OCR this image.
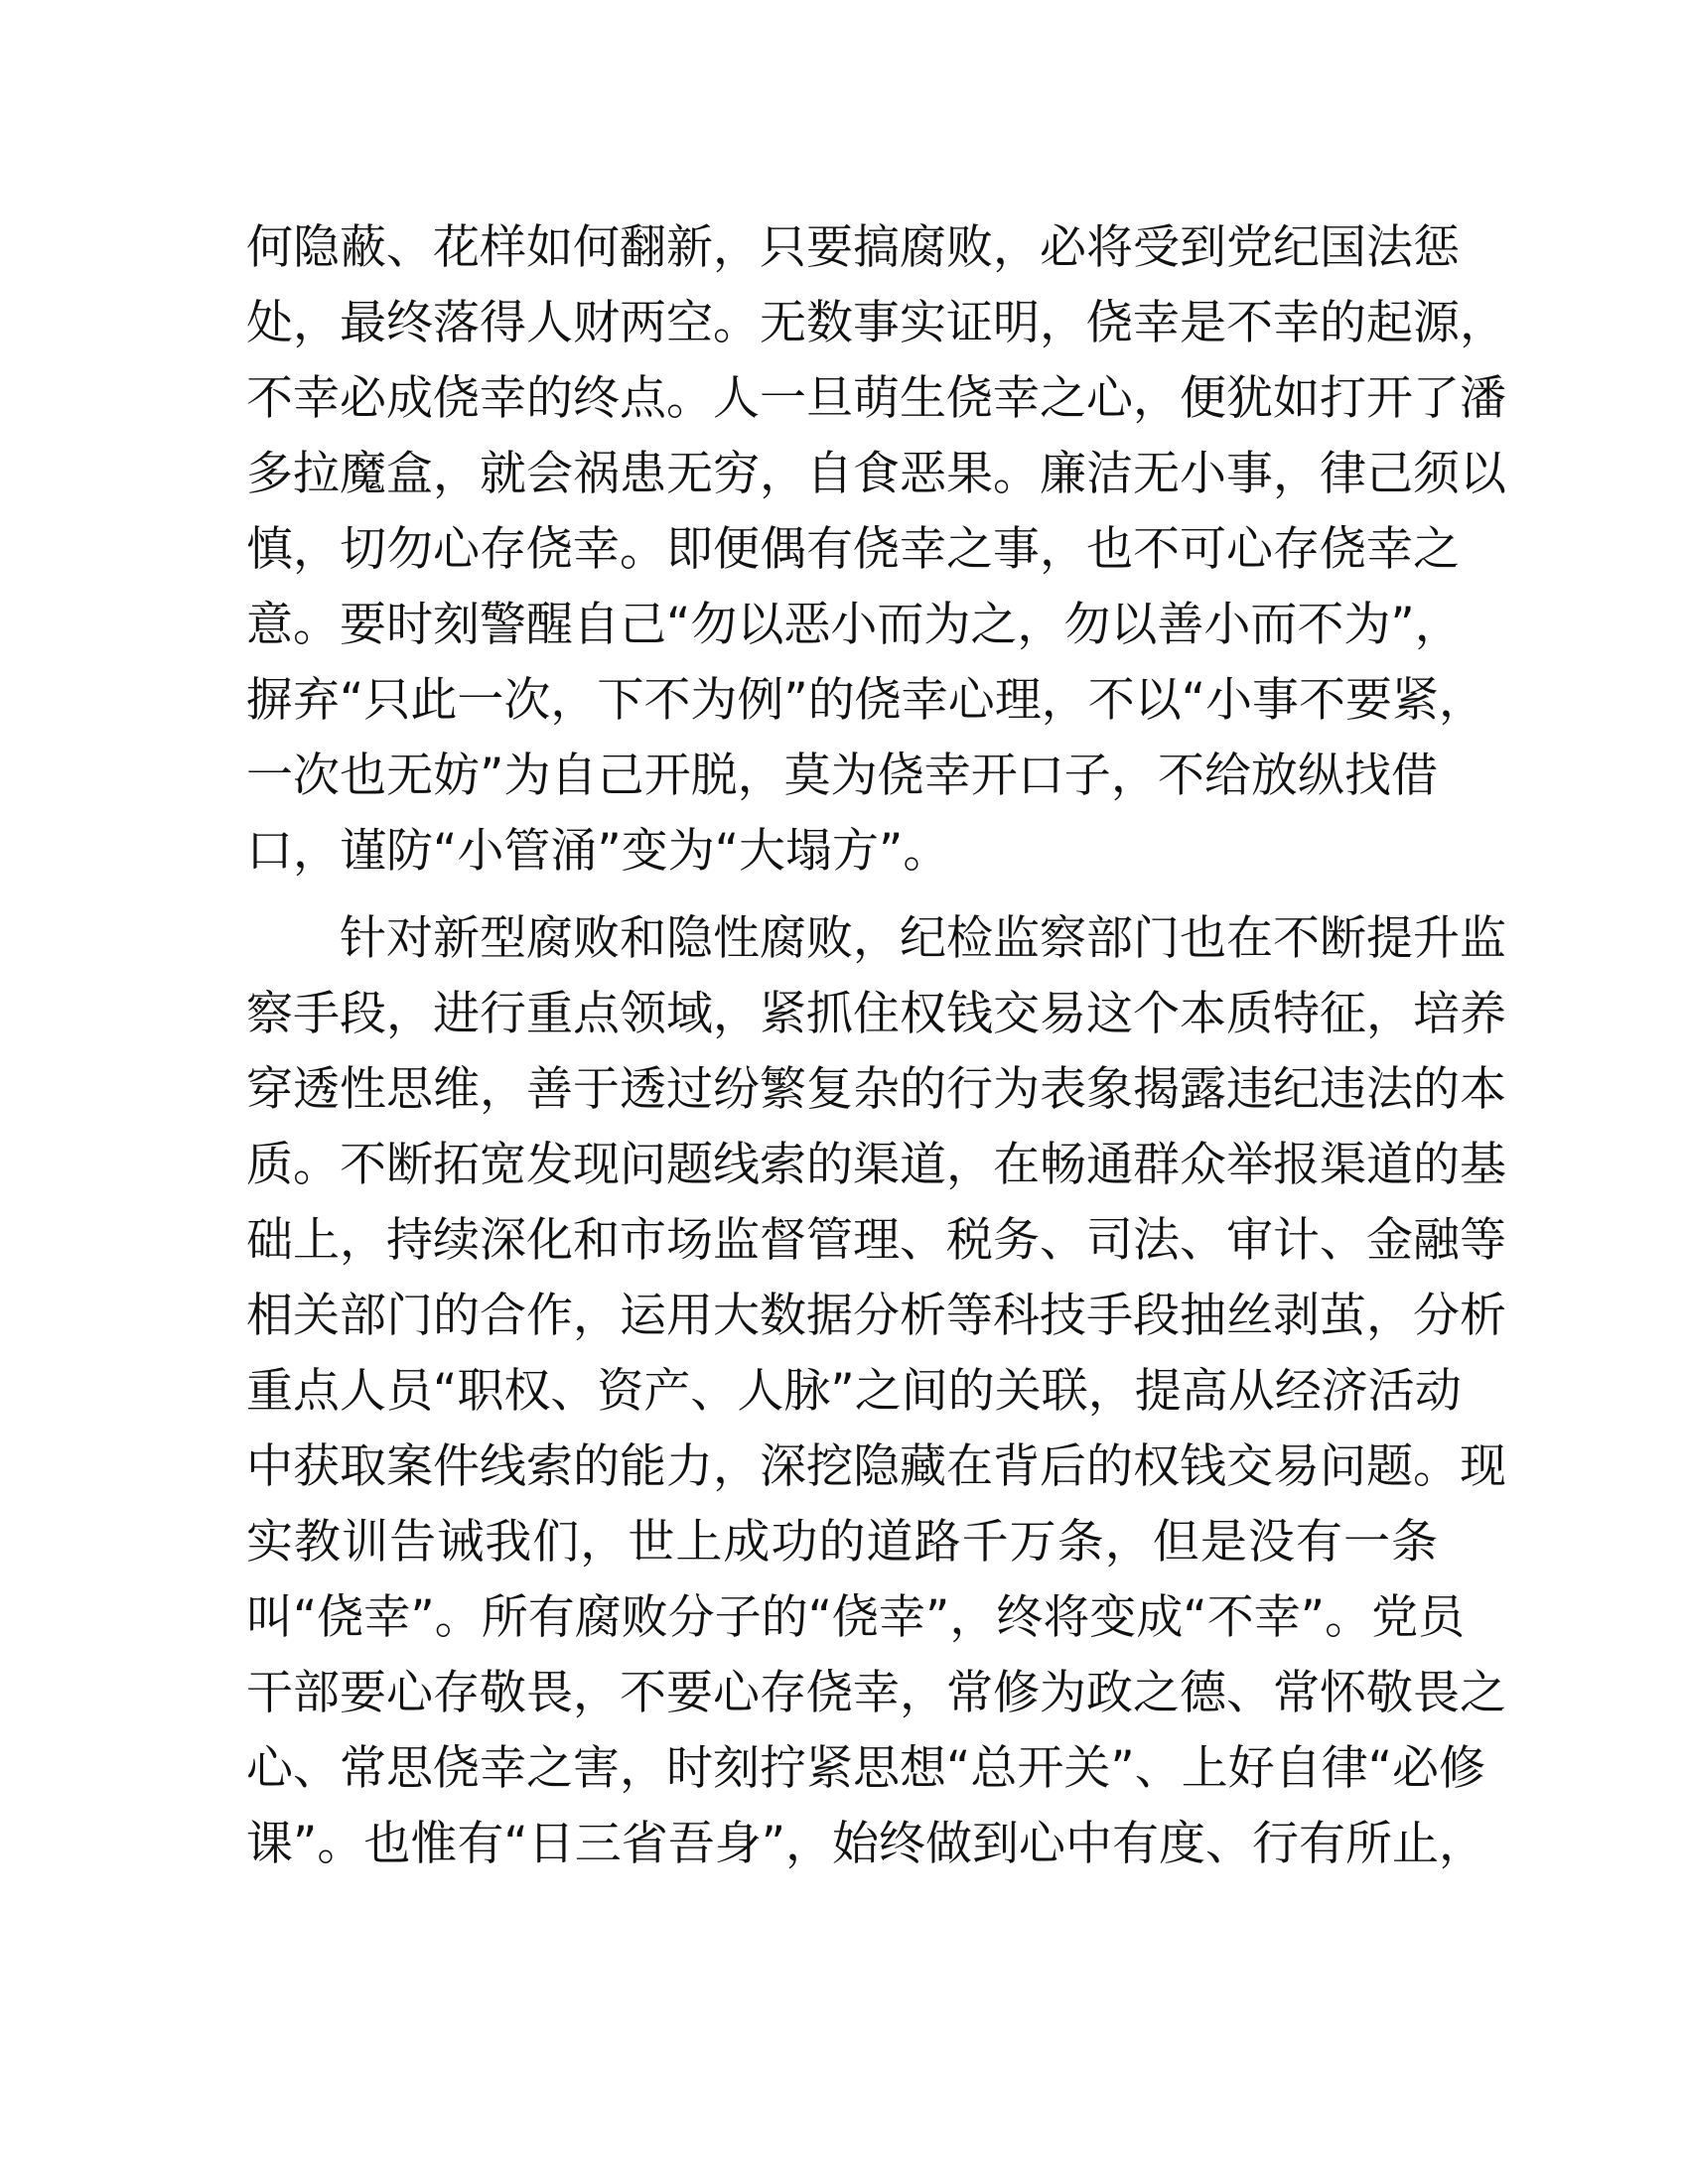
何隐蔽、花样如何翻新，只要搞腐败，必将受到党纪国法惩
处，最终落得人财两空。无数事实证明，侥幸是不幸的起源，
不幸必成侥幸的终点。人一旦萌生侥幸之心，便犹如打开了潘
多拉魔盒，就会祸患无穷，自食恶果。廉洁无小事，律己须以
慎，切勿心存侥幸。即便偶有侥幸之事，也不可心存侥幸之
意。要时刻警醒自己“勿以恶小而为之，勿以善小而不为”，
摒弃“只此一次，下不为例”的侥幸心理，不以“小事不要紧，
一次也无妨”为自己开脱，莫为侥幸开口子，不给放纵找借
口，谨防“小管涌”变为“大塌方”。
针对新型腐败和隐性腐败，纪检监察部门也在不断提升监
察手段，进行重点领域，紧抓住权钱交易这个本质特征，培养
穿透性思维，善于透过纷繁复杂的行为表象揭露违纪违法的本
质。不断拓宽发现问题线索的渠道，在畅通群众举报渠道的基
础上，持续深化和市场监督管理、税务、司法、审计、金融等
相关部门的合作，运用大数据分析等科技手段抽丝剥茧，分析
重点人员“职权、资产、人脉”之间的关联，提高从经济活动
中获取案件线索的能力，深挖隐藏在背后的权钱交易问题。现
实教训告诫我们，世上成功的道路千万条，但是没有一条
叫“侥幸”。所有腐败分子的“侥幸”，终将变成“不幸”。党员
干部要心存敬畏，不要心存侥幸，常修为政之德、常怀敬畏之
心、常思侥幸之害，时刻拧紧思想“总开关”、上好自律“必修
课”。也惟有“日三省吾身”，始终做到心中有度、行有所止，
